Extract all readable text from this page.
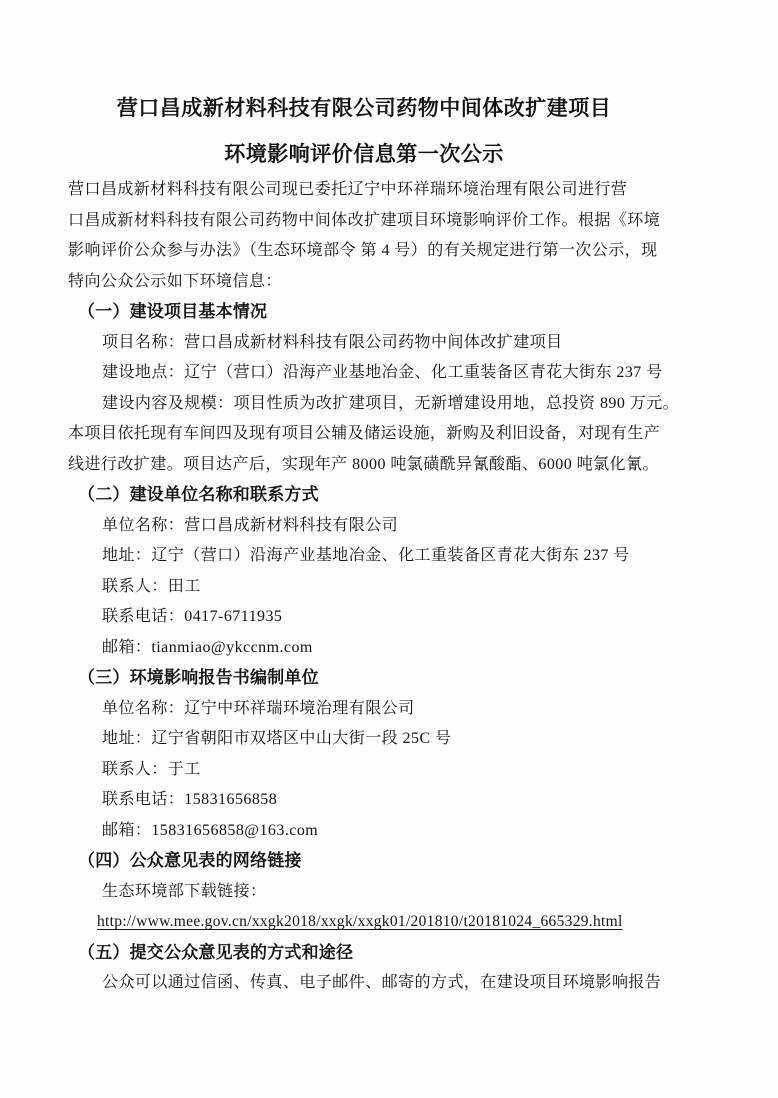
营口昌成新材料科技有限公司药物中间体改扩建项目
环境影响评价信息第一次公示
营口昌成新材料科技有限公司现已委托辽宁中环祥瑞环境治理有限公司进行营
口昌成新材料科技有限公司药物中间体改扩建项目环境影响评价工作。根据《环境
影响评价公众参与办法》（生态环境部令 第 4 号）的有关规定进行第一次公示，现
特向公众公示如下环境信息：
（一）建设项目基本情况
项目名称：营口昌成新材料科技有限公司药物中间体改扩建项目
建设地点：辽宁（营口）沿海产业基地冶金、化工重装备区青花大街东 237 号
建设内容及规模：项目性质为改扩建项目，无新增建设用地，总投资 890 万元。
本项目依托现有车间四及现有项目公辅及储运设施，新购及利旧设备，对现有生产
线进行改扩建。项目达产后，实现年产 8000 吨氯磺酰异氰酸酯、6000 吨氯化氰。
（二）建设单位名称和联系方式
单位名称：营口昌成新材料科技有限公司
地址：辽宁（营口）沿海产业基地冶金、化工重装备区青花大街东 237 号
联系人：田工
联系电话：0417-6711935
邮箱：tianmiao@ykccnm.com
（三）环境影响报告书编制单位
单位名称：辽宁中环祥瑞环境治理有限公司
地址：辽宁省朝阳市双塔区中山大街一段 25C 号
联系人：于工
联系电话：15831656858
邮箱：15831656858@163.com
（四）公众意见表的网络链接
生态环境部下载链接：
http://www.mee.gov.cn/xxgk2018/xxgk/xxgk01/201810/t20181024_665329.html
（五）提交公众意见表的方式和途径
公众可以通过信函、传真、电子邮件、邮寄的方式，在建设项目环境影响报告
